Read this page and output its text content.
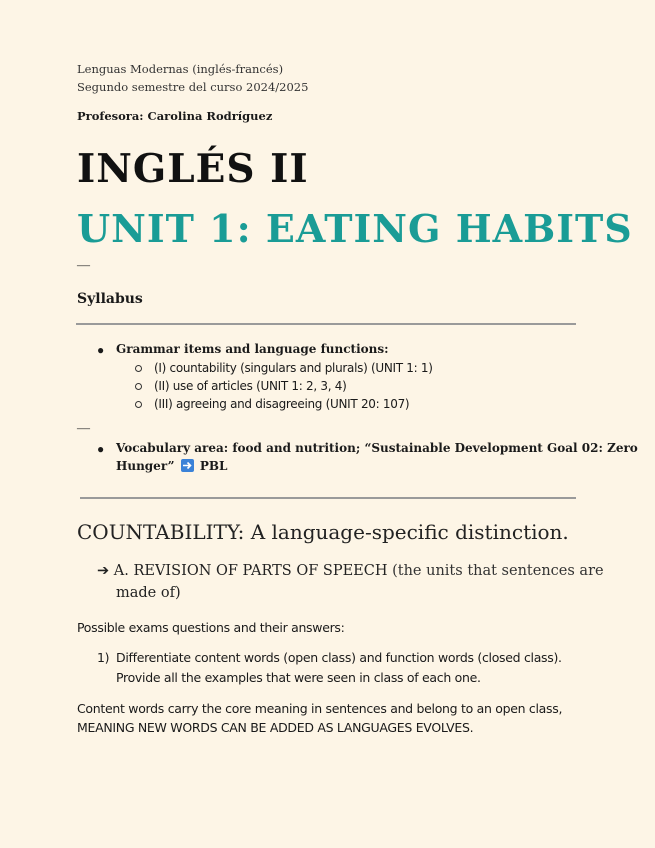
Lenguas Modernas (inglés-francés)

Segundo semestre del curso 2024/2025

Profesora: Carolina Rodríguez

INGLÉS II
UNIT 1: EATING HABITS

—

Syllabus

● Grammar items and language functions:

(I) countability (singulars and plurals) (UNIT 1: 1)

(II) use of articles (UNIT 1: 2, 3, 4)

(III) agreeing and disagreeing (UNIT 20: 107)

—

● Vocabulary area: food and nutrition; “Sustainable Development Goal 02: Zero

Hunger” PBL

COUNTABILITY: A language-specific distinction.

➔ A. REVISION OF PARTS OF SPEECH (the units that sentences are

made of)

Possible exams questions and their answers:

1) Differentiate content words (open class) and function words (closed class).

Provide all the examples that were seen in class of each one.

Content words carry the core meaning in sentences and belong to an open class,

MEANING NEW WORDS CAN BE ADDED AS LANGUAGES EVOLVES.
